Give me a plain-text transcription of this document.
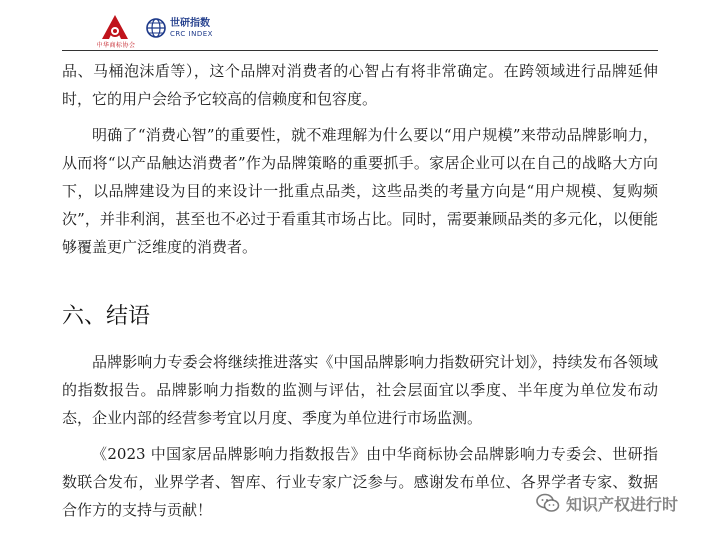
中华商标协会
世研指数
CRC INDEX

品、马桶泡沫盾等），这个品牌对消费者的心智占有将非常确定。在跨领域进行品牌延伸时，它的用户会给予它较高的信赖度和包容度。

明确了“消费心智”的重要性，就不难理解为什么要以“用户规模”来带动品牌影响力，从而将“以产品触达消费者”作为品牌策略的重要抓手。家居企业可以在自己的战略大方向下，以品牌建设为目的来设计一批重点品类，这些品类的考量方向是“用户规模、复购频次”，并非利润，甚至也不必过于看重其市场占比。同时，需要兼顾品类的多元化，以便能够覆盖更广泛维度的消费者。

六、结语

品牌影响力专委会将继续推进落实《中国品牌影响力指数研究计划》，持续发布各领域的指数报告。品牌影响力指数的监测与评估，社会层面宜以季度、半年度为单位发布动态，企业内部的经营参考宜以月度、季度为单位进行市场监测。

《2023 中国家居品牌影响力指数报告》由中华商标协会品牌影响力专委会、世研指数联合发布，业界学者、智库、行业专家广泛参与。感谢发布单位、各界学者专家、数据合作方的支持与贡献！	知识产权进行时
